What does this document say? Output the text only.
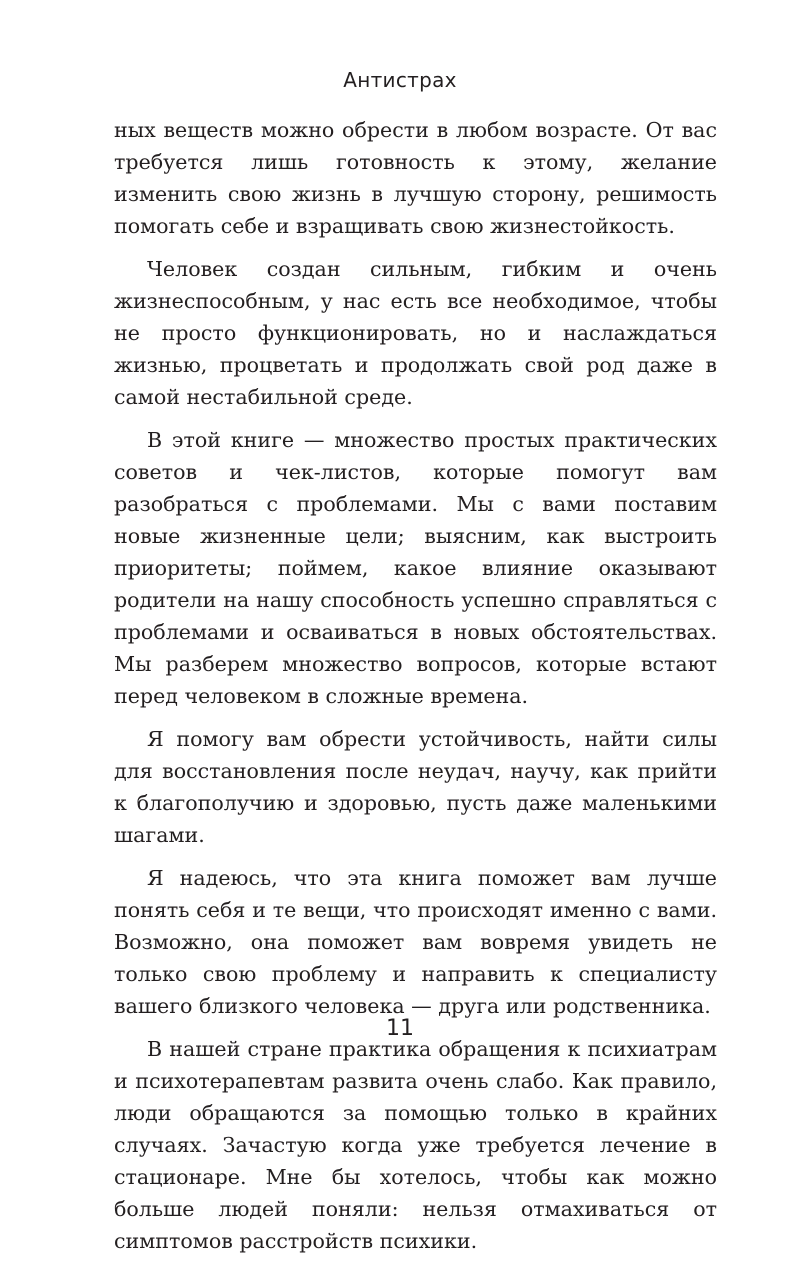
Антистрах

ных веществ можно обрести в любом возрасте. От вас требуется лишь готовность к этому, желание изменить свою жизнь в лучшую сторону, решимость помогать себе и взращивать свою жизнестойкость.

Человек создан сильным, гибким и очень жизнеспособным, у нас есть все необходимое, чтобы не просто функционировать, но и наслаждаться жизнью, процветать и продолжать свой род даже в самой нестабильной среде.

В этой книге — множество простых практических советов и чек-листов, которые помогут вам разобраться с проблемами. Мы с вами поставим новые жизненные цели; выясним, как выстроить приоритеты; поймем, какое влияние оказывают родители на нашу способность успешно справляться с проблемами и осваиваться в новых обстоятельствах. Мы разберем множество вопросов, которые встают перед человеком в сложные времена.

Я помогу вам обрести устойчивость, найти силы для восстановления после неудач, научу, как прийти к благополучию и здоровью, пусть даже маленькими шагами.

Я надеюсь, что эта книга поможет вам лучше понять себя и те вещи, что происходят именно с вами. Возможно, она поможет вам вовремя увидеть не только свою проблему и направить к специалисту вашего близкого человека — друга или родственника.

В нашей стране практика обращения к психиатрам и психотерапевтам развита очень слабо. Как правило, люди обращаются за помощью только в крайних случаях. Зачастую когда уже требуется лечение в стационаре. Мне бы хотелось, чтобы как можно больше людей поняли: нельзя отмахиваться от симптомов расстройств психики.

11
